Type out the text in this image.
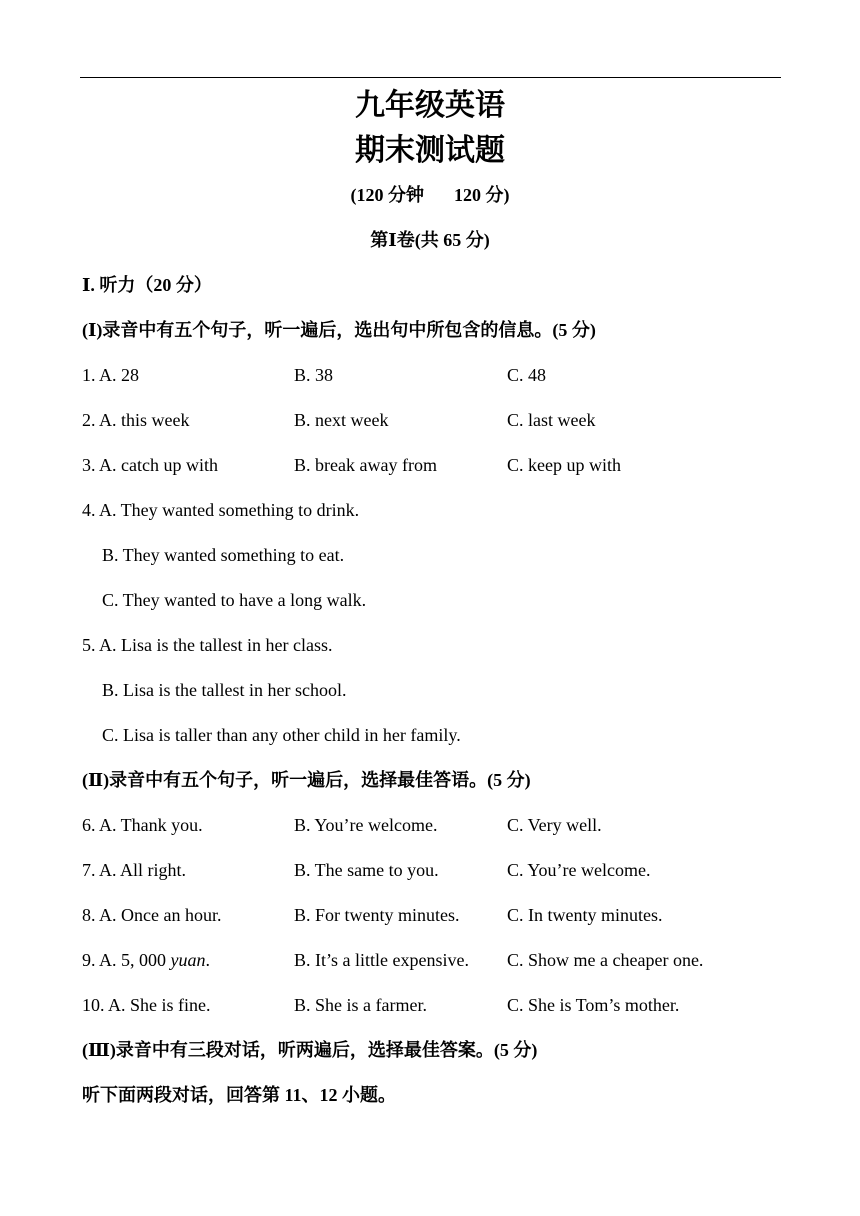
九年级英语
期末测试题
(120 分钟 120 分)
第Ⅰ卷(共 65 分)
Ⅰ. 听力（20 分）
(Ⅰ)录音中有五个句子，听一遍后，选出句中所包含的信息。(5 分)
1. A. 28	B. 38	C. 48
2. A. this week	B. next week	C. last week
3. A. catch up with	B. break away from	C. keep up with
4. A. They wanted something to drink.
B. They wanted something to eat.
C. They wanted to have a long walk.
5. A. Lisa is the tallest in her class.
B. Lisa is the tallest in her school.
C. Lisa is taller than any other child in her family.
(Ⅱ)录音中有五个句子，听一遍后，选择最佳答语。(5 分)
6. A. Thank you.	B. You’re welcome.	C. Very well.
7. A. All right.	B. The same to you.	C. You’re welcome.
8. A. Once an hour.	B. For twenty minutes.	C. In twenty minutes.
9. A. 5, 000 yuan.	B. It’s a little expensive. C. Show me a cheaper one.
10. A. She is fine.	B. She is a farmer.	C. She is Tom’s mother.
(Ⅲ)录音中有三段对话，听两遍后，选择最佳答案。(5 分)
听下面两段对话，回答第 11、12 小题。
